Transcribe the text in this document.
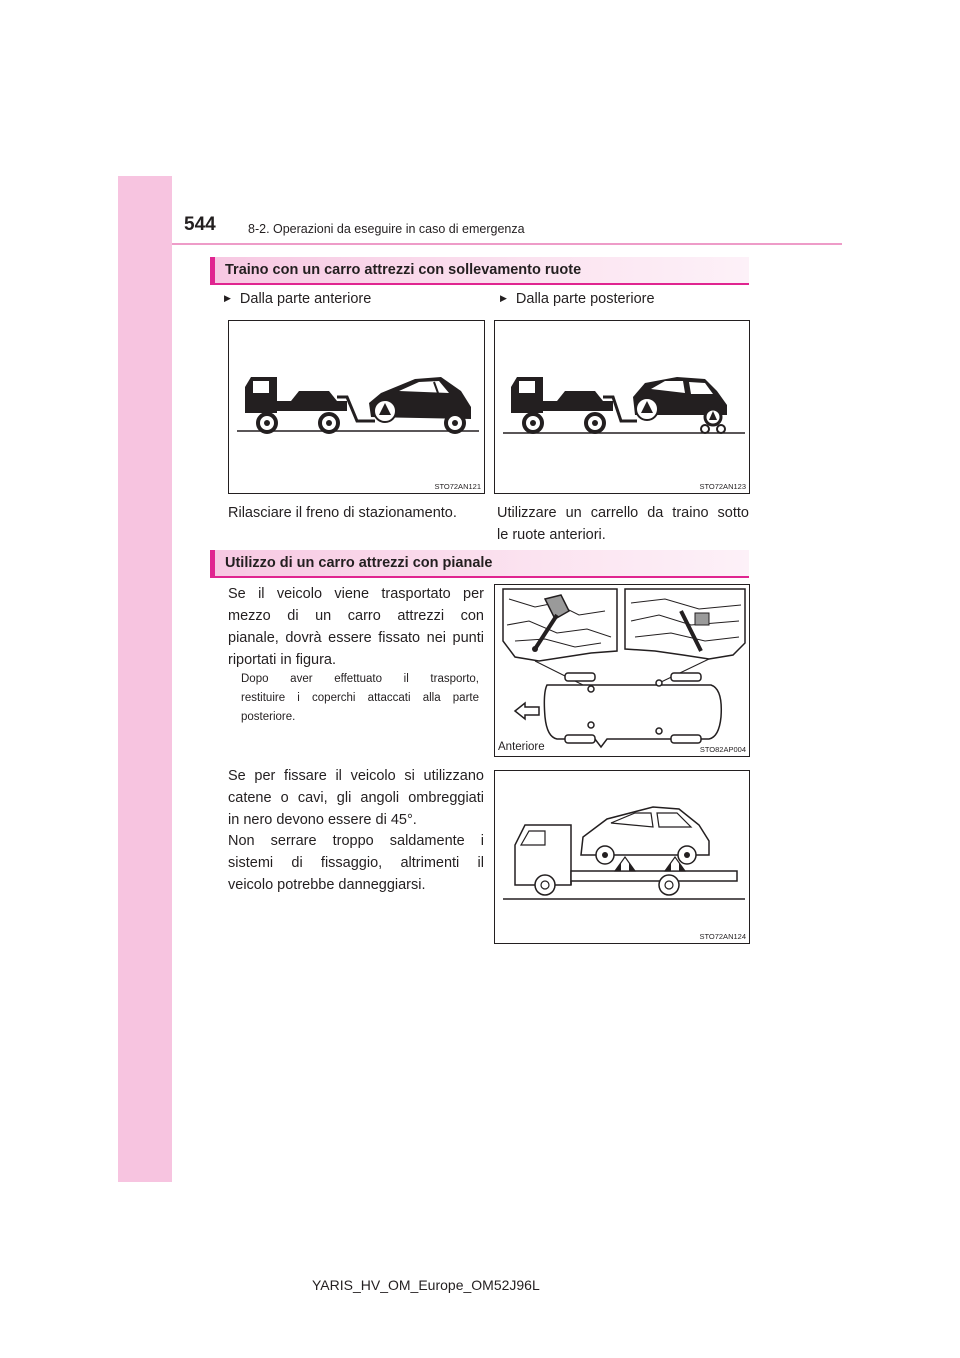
544	8-2. Operazioni da eseguire in caso di emergenza
Traino con un carro attrezzi con sollevamento ruote
▶ Dalla parte anteriore	▶ Dalla parte posteriore
STO72AN121	STO72AN123
Rilasciare il freno di stazionamento.	Utilizzare un carrello da traino sotto
le ruote anteriori.
Utilizzo di un carro attrezzi con pianale
Se il veicolo viene trasportato per
mezzo di un carro attrezzi con
pianale, dovrà essere fissato nei punti
riportati in figura.
Dopo aver effettuato il trasporto,
restituire i coperchi attaccati alla parte
posteriore.
Anteriore	STO82AP004
Se per fissare il veicolo si utilizzano
catene o cavi, gli angoli ombreggiati
in nero devono essere di 45°.
Non serrare troppo saldamente i
sistemi di fissaggio, altrimenti il
veicolo potrebbe danneggiarsi.
STO72AN124
YARIS_HV_OM_Europe_OM52J96L
